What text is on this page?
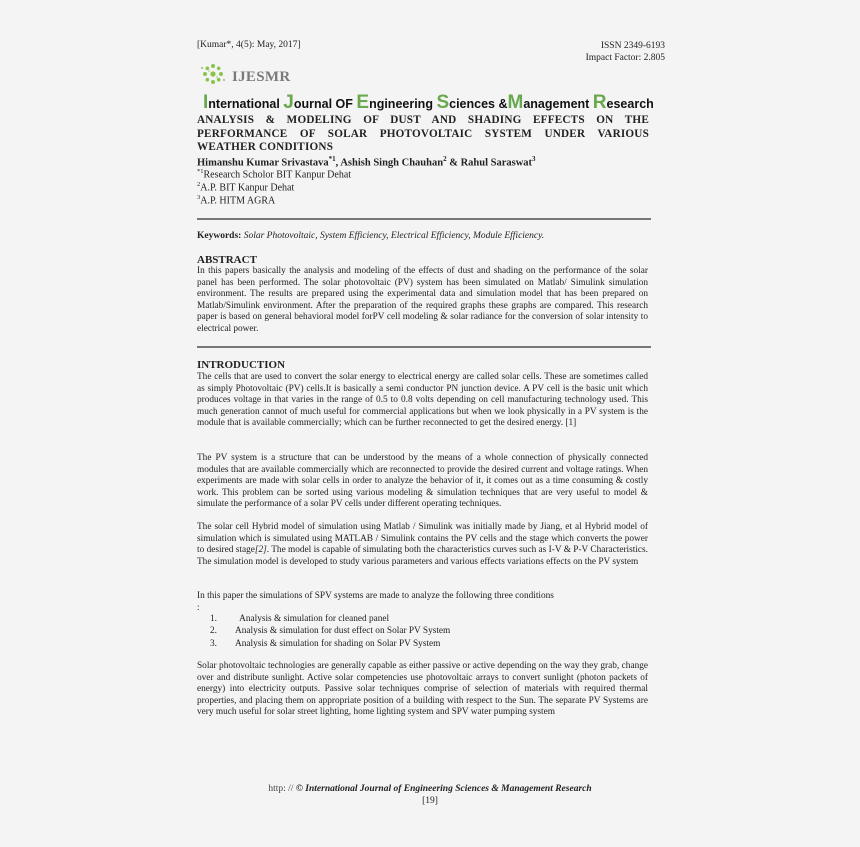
[Kumar*, 4(5): May, 2017]	ISSN 2349-6193
Impact Factor: 2.805
IJESMR
International Journal OF Engineering Sciences &Management Research
ANALYSIS & MODELING OF DUST AND SHADING EFFECTS ON THE PERFORMANCE OF SOLAR PHOTOVOLTAIC SYSTEM UNDER VARIOUS WEATHER CONDITIONS
Himanshu Kumar Srivastava$^{*1}$, Ashish Singh Chauhan$^2$ & Rahul Saraswat$^3$
$^{*1}$Research Scholor BIT Kanpur Dehat
$^2$A.P. BIT Kanpur Dehat
$^3$A.P. HITM AGRA
Keywords: Solar Photovoltaic, System Efficiency, Electrical Efficiency, Module Efficiency.
ABSTRACT
In this papers basically the analysis and modeling of the effects of dust and shading on the performance of the solar panel has been performed. The solar photovoltaic (PV) system has been simulated on Matlab/ Simulink simulation environment. The results are prepared using the experimental data and simulation model that has been prepared on Matlab/Simulink environment. After the preparation of the required graphs these graphs are compared. This research paper is based on general behavioral model forPV cell modeling & solar radiance for the conversion of solar intensity to electrical power.
INTRODUCTION
The cells that are used to convert the solar energy to electrical energy are called solar cells. These are sometimes called as simply Photovoltaic (PV) cells.It is basically a semi conductor PN junction device. A PV cell is the basic unit which produces voltage in that varies in the range of 0.5 to 0.8 volts depending on cell manufacturing technology used. This much generation cannot of much useful for commercial applications but when we look physically in a PV system is the module that is available commercially; which can be further reconnected to get the desired energy. [1]
The PV system is a structure that can be understood by the means of a whole connection of physically connected modules that are available commercially which are reconnected to provide the desired current and voltage ratings. When experiments are made with solar cells in order to analyze the behavior of it, it comes out as a time consuming & costly work. This problem can be sorted using various modeling & simulation techniques that are very useful to model & simulate the performance of a solar PV cells under different operating techniques.
The solar cell Hybrid model of simulation using Matlab / Simulink was initially made by Jiang, et al Hybrid model of simulation which is simulated using MATLAB / Simulink contains the PV cells and the stage which converts the power to desired stage[2]. The model is capable of simulating both the characteristics curves such as I-V & P-V Characteristics. The simulation model is developed to study various parameters and various effects variations effects on the PV system
In this paper the simulations of SPV systems are made to analyze the following three conditions
:
1.	Analysis & simulation for cleaned panel
2.	Analysis & simulation for dust effect on Solar PV System
3.	Analysis & simulation for shading on Solar PV System
Solar photovoltaic technologies are generally capable as either passive or active depending on the way they grab, change over and distribute sunlight. Active solar competencies use photovoltaic arrays to convert sunlight (photon packets of energy) into electricity outputs. Passive solar techniques comprise of selection of materials with required thermal properties, and placing them on appropriate position of a building with respect to the Sun. The separate PV Systems are very much useful for solar street lighting, home lighting system and SPV water pumping system
http: // © International Journal of Engineering Sciences & Management Research
[19]
